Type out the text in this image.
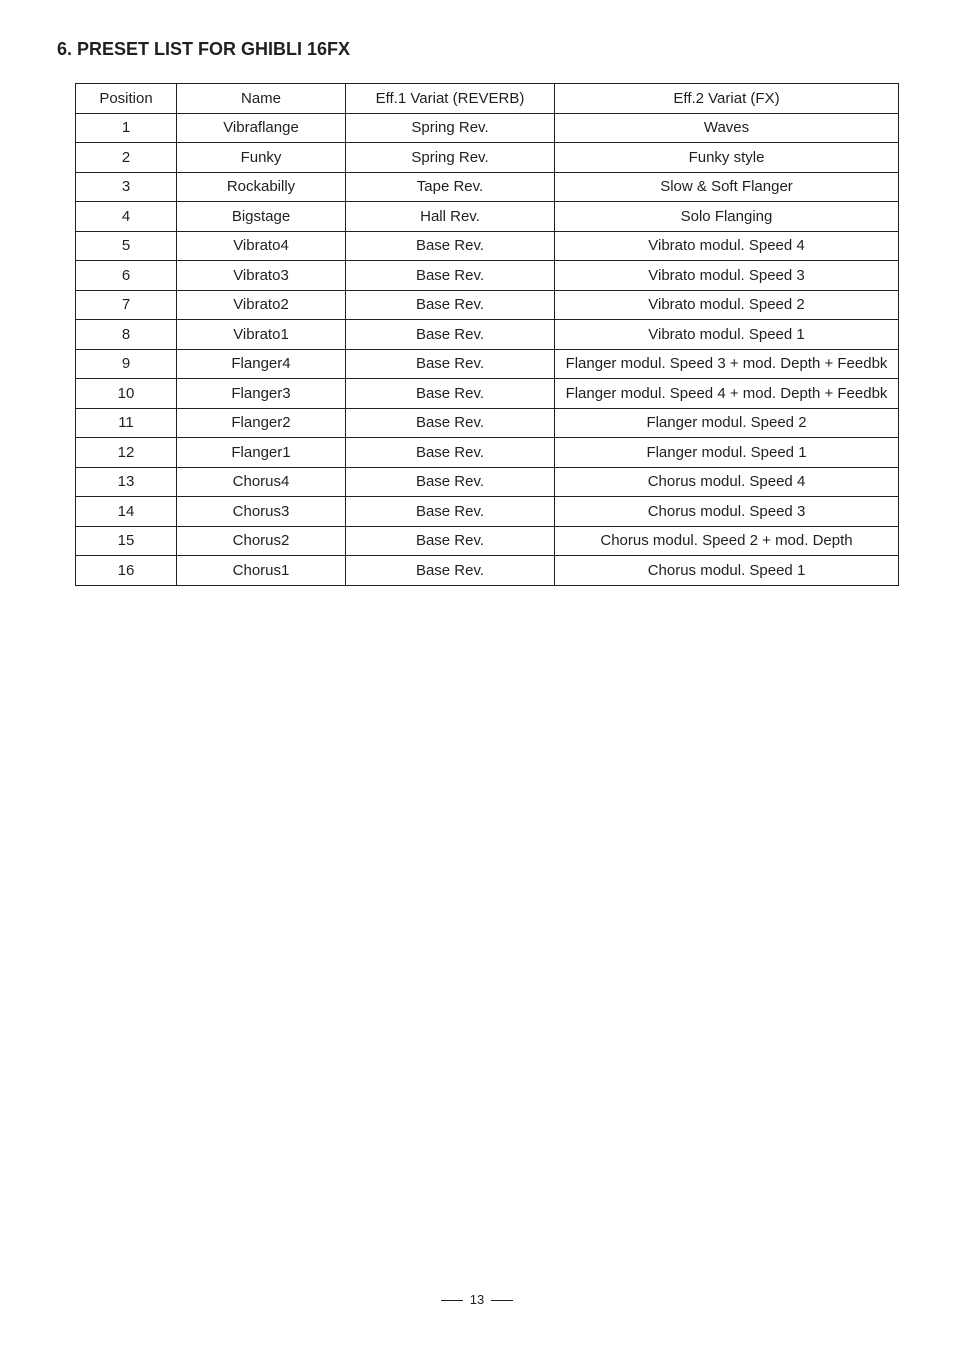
6. PRESET LIST FOR GHIBLI 16FX
Position	Name	Eff.1 Variat (REVERB)	Eff.2 Variat (FX)
1	Vibraflange	Spring Rev.	Waves
2	Funky	Spring Rev.	Funky style
3	Rockabilly	Tape Rev.	Slow & Soft Flanger
4	Bigstage	Hall Rev.	Solo Flanging
5	Vibrato4	Base Rev.	Vibrato modul. Speed 4
6	Vibrato3	Base Rev.	Vibrato modul. Speed 3
7	Vibrato2	Base Rev.	Vibrato modul. Speed 2
8	Vibrato1	Base Rev.	Vibrato modul. Speed 1
9	Flanger4	Base Rev.	Flanger modul. Speed 3 + mod. Depth + Feedbk
10	Flanger3	Base Rev.	Flanger modul. Speed 4 + mod. Depth + Feedbk
11	Flanger2	Base Rev.	Flanger modul. Speed 2
12	Flanger1	Base Rev.	Flanger modul. Speed 1
13	Chorus4	Base Rev.	Chorus modul. Speed 4
14	Chorus3	Base Rev.	Chorus modul. Speed 3
15	Chorus2	Base Rev.	Chorus modul. Speed 2 + mod. Depth
16	Chorus1	Base Rev.	Chorus modul. Speed 1
13
